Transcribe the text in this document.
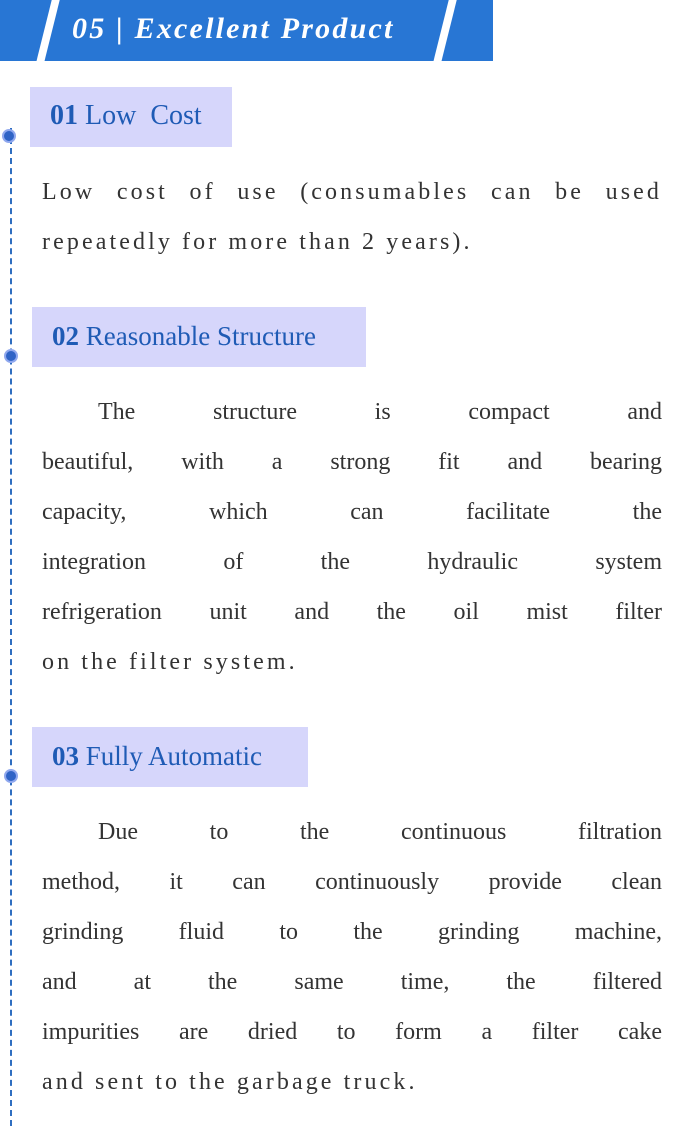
05 | Excellent Product
01 Low  Cost
Low cost of use (consumables can be used
repeatedly for more than 2 years).
02 Reasonable Structure
The structure is compact and
beautiful, with a strong fit and bearing
capacity, which can facilitate the
integration of the hydraulic system
refrigeration unit and the oil mist filter
on the filter system.
03 Fully Automatic
Due to the continuous filtration
method, it can continuously provide clean
grinding fluid to the grinding machine,
and at the same time, the filtered
impurities are dried to form a filter cake
and sent to the garbage truck.
